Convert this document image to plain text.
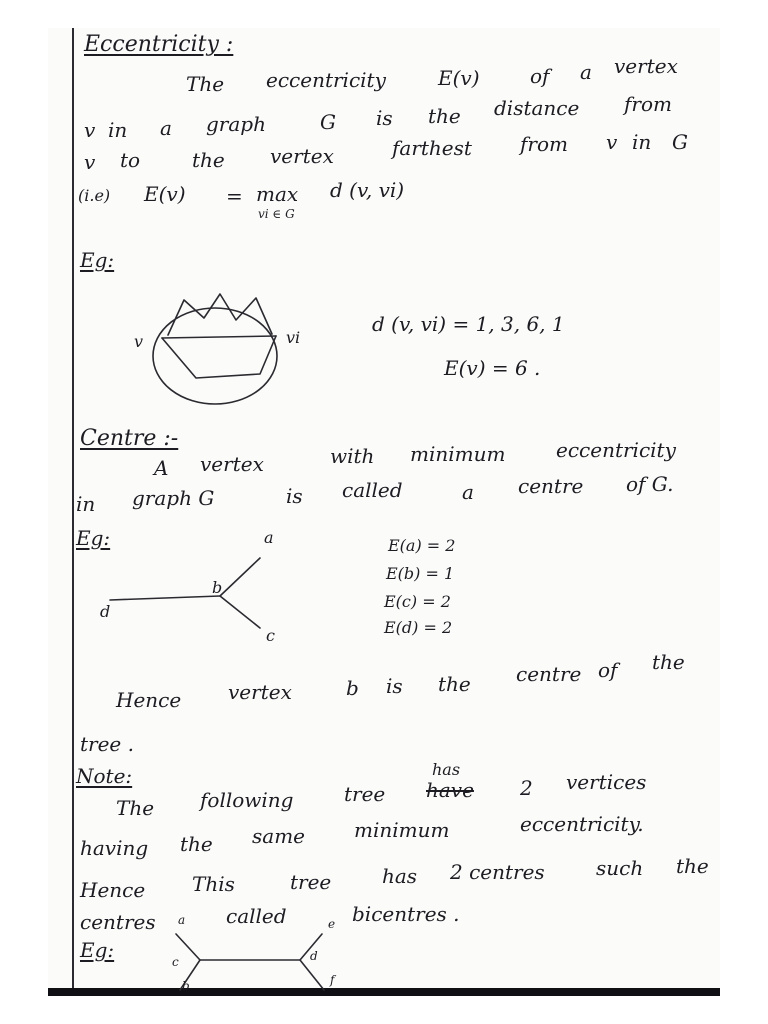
Eccentricity :
The eccentricity	E(v)	of a vertex
v in a graph	G is the distance from
v to	the vertex	farthest from v in G
(i.e) E(v) = max
vi ∈ G
d (v, vi)
Eg:
v	vi
d (v, vi) = 1, 3, 6, 1
E(v) = 6 .
Centre :-
A vertex	with minimum	eccentricity
in graph G	is called	a centre of G.
Eg:	a
b
c
d
E(a) = 2
E(b) = 1
E(c) = 2
E(d) = 2
Hence vertex	b is the centre of the
tree .
Note:
The following	tree
has
have 2 vertices
having the same minimum	eccentricity.
Hence This	tree	has 2 centres	such the
centres	called	bicentres .
Eg:
a	e
c	d
b	f
